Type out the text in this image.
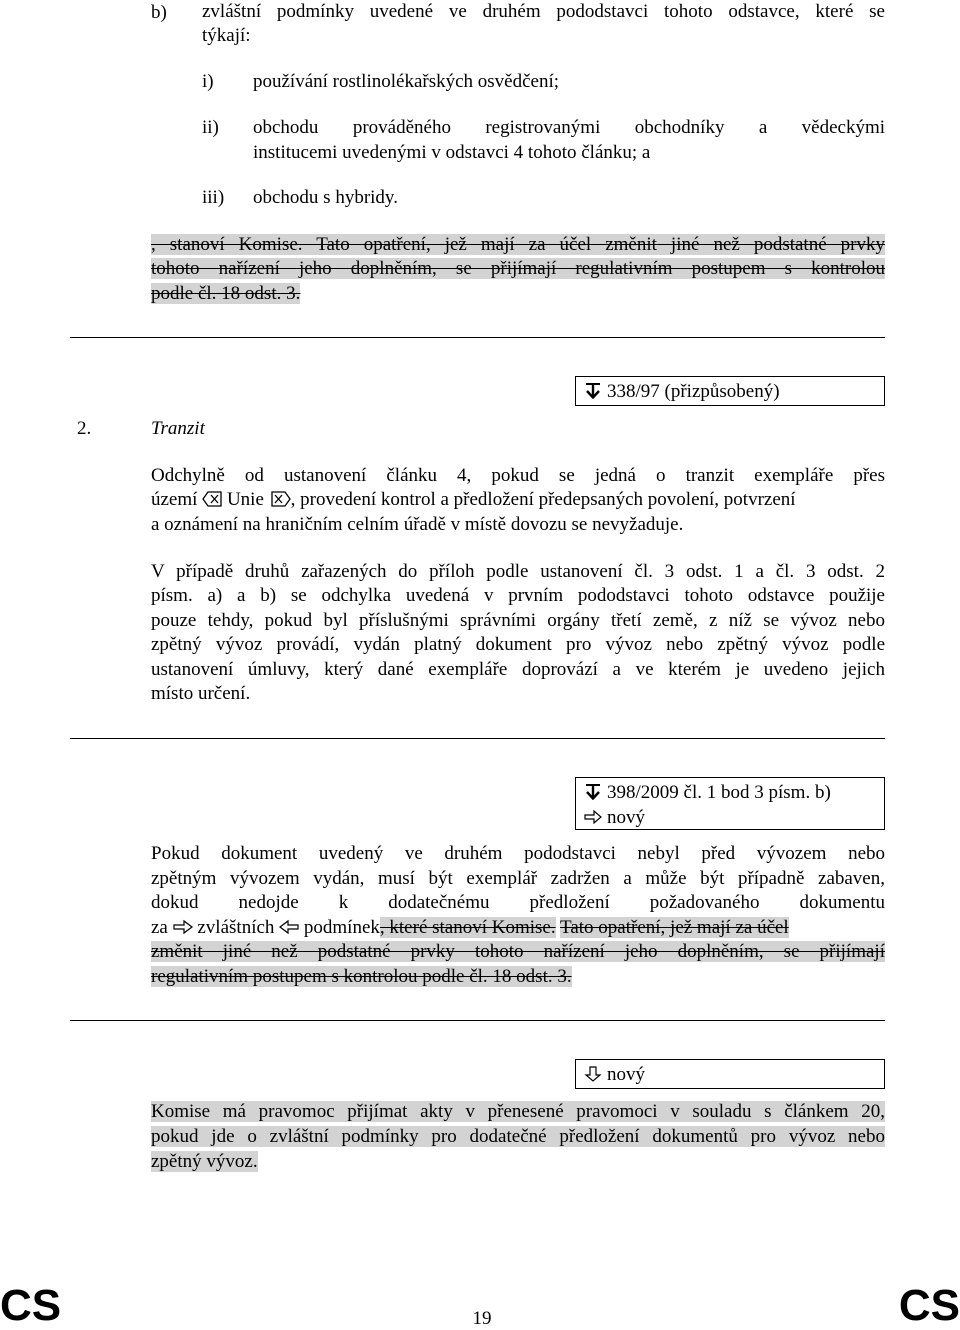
b) zvláštní podmínky uvedené ve druhém pododstavci tohoto odstavce, které se
týkají:
i) používání rostlinolékařských osvědčení;
ii) obchodu prováděného registrovanými obchodníky a vědeckými
institucemi uvedenými v odstavci 4 tohoto článku; a
iii) obchodu s hybridy.
, stanoví Komise. Tato opatření, jež mají za účel změnit jiné než podstatné prvky
tohoto nařízení jeho doplněním, se přijímají regulativním postupem s kontrolou
podle čl. 18 odst. 3.
338/97 (přizpůsobený)
2.	Tranzit
Odchylně od ustanovení článku 4, pokud se jedná o tranzit exempláře přes
území Unie , provedení kontrol a předložení předepsaných povolení, potvrzení
a oznámení na hraničním celním úřadě v místě dovozu se nevyžaduje.
V případě druhů zařazených do příloh podle ustanovení čl. 3 odst. 1 a čl. 3 odst. 2
písm. a) a b) se odchylka uvedená v prvním pododstavci tohoto odstavce použije
pouze tehdy, pokud byl příslušnými správními orgány třetí země, z níž se vývoz nebo
zpětný vývoz provádí, vydán platný dokument pro vývoz nebo zpětný vývoz podle
ustanovení úmluvy, který dané exempláře doprovází a ve kterém je uvedeno jejich
místo určení.
398/2009 čl. 1 bod 3 písm. b)
nový
Pokud dokument uvedený ve druhém pododstavci nebyl před vývozem nebo
zpětným vývozem vydán, musí být exemplář zadržen a může být případně zabaven,
dokud nedojde k dodatečnému předložení požadovaného dokumentu
za zvláštních podmínek, které stanoví Komise. Tato opatření, jež mají za účel
změnit jiné než podstatné prvky tohoto nařízení jeho doplněním, se přijímají
regulativním postupem s kontrolou podle čl. 18 odst. 3.
nový
Komise má pravomoc přijímat akty v přenesené pravomoci v souladu s článkem 20,
pokud jde o zvláštní podmínky pro dodatečné předložení dokumentů pro vývoz nebo
zpětný vývoz.
CS	19	CS
